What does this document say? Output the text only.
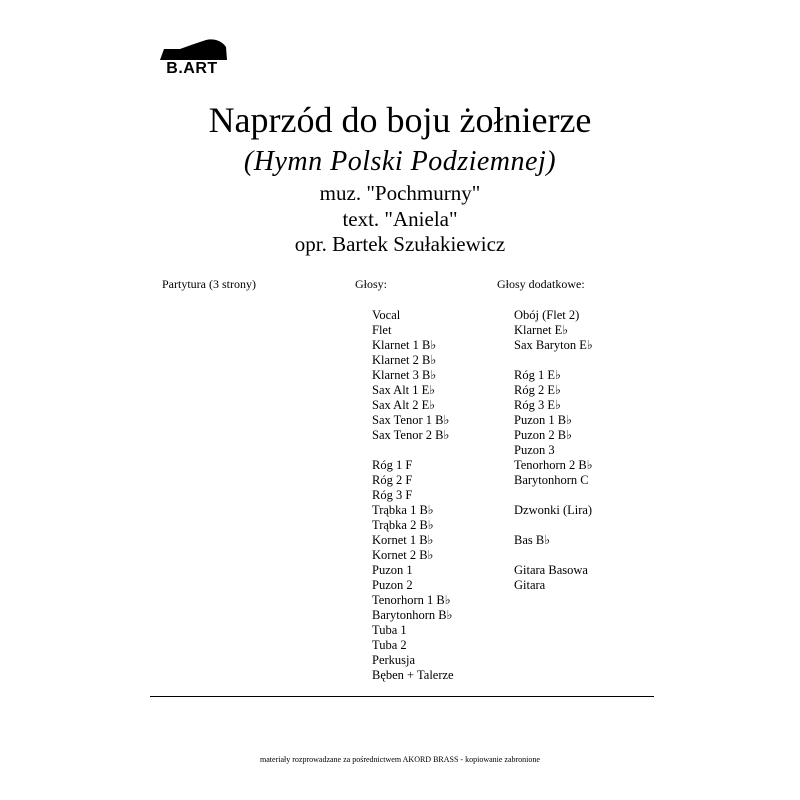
B.ART
Naprzód do boju żołnierze
(Hymn Polski Podziemnej)
muz. "Pochmurny"
text. "Aniela"
opr. Bartek Szułakiewicz
Partytura (3 strony)	Głosy:	Głosy dodatkowe:
Vocal
Flet
Klarnet 1 B♭
Klarnet 2 B♭
Klarnet 3 B♭
Sax Alt 1 E♭
Sax Alt 2 E♭
Sax Tenor 1 B♭
Sax Tenor 2 B♭
Róg 1 F
Róg 2 F
Róg 3 F
Trąbka 1 B♭
Trąbka 2 B♭
Kornet 1 B♭
Kornet 2 B♭
Puzon 1
Puzon 2
Tenorhorn 1 B♭
Barytonhorn B♭
Tuba 1
Tuba 2
Perkusja
Bęben + Talerze
Obój (Flet 2)
Klarnet E♭
Sax Baryton E♭
Róg 1 E♭
Róg 2 E♭
Róg 3 E♭
Puzon 1 B♭
Puzon 2 B♭
Puzon 3
Tenorhorn 2 B♭
Barytonhorn C
Dzwonki (Lira)
Bas B♭
Gitara Basowa
Gitara
materiały rozprowadzane za pośrednictwem AKORD BRASS - kopiowanie zabronione
